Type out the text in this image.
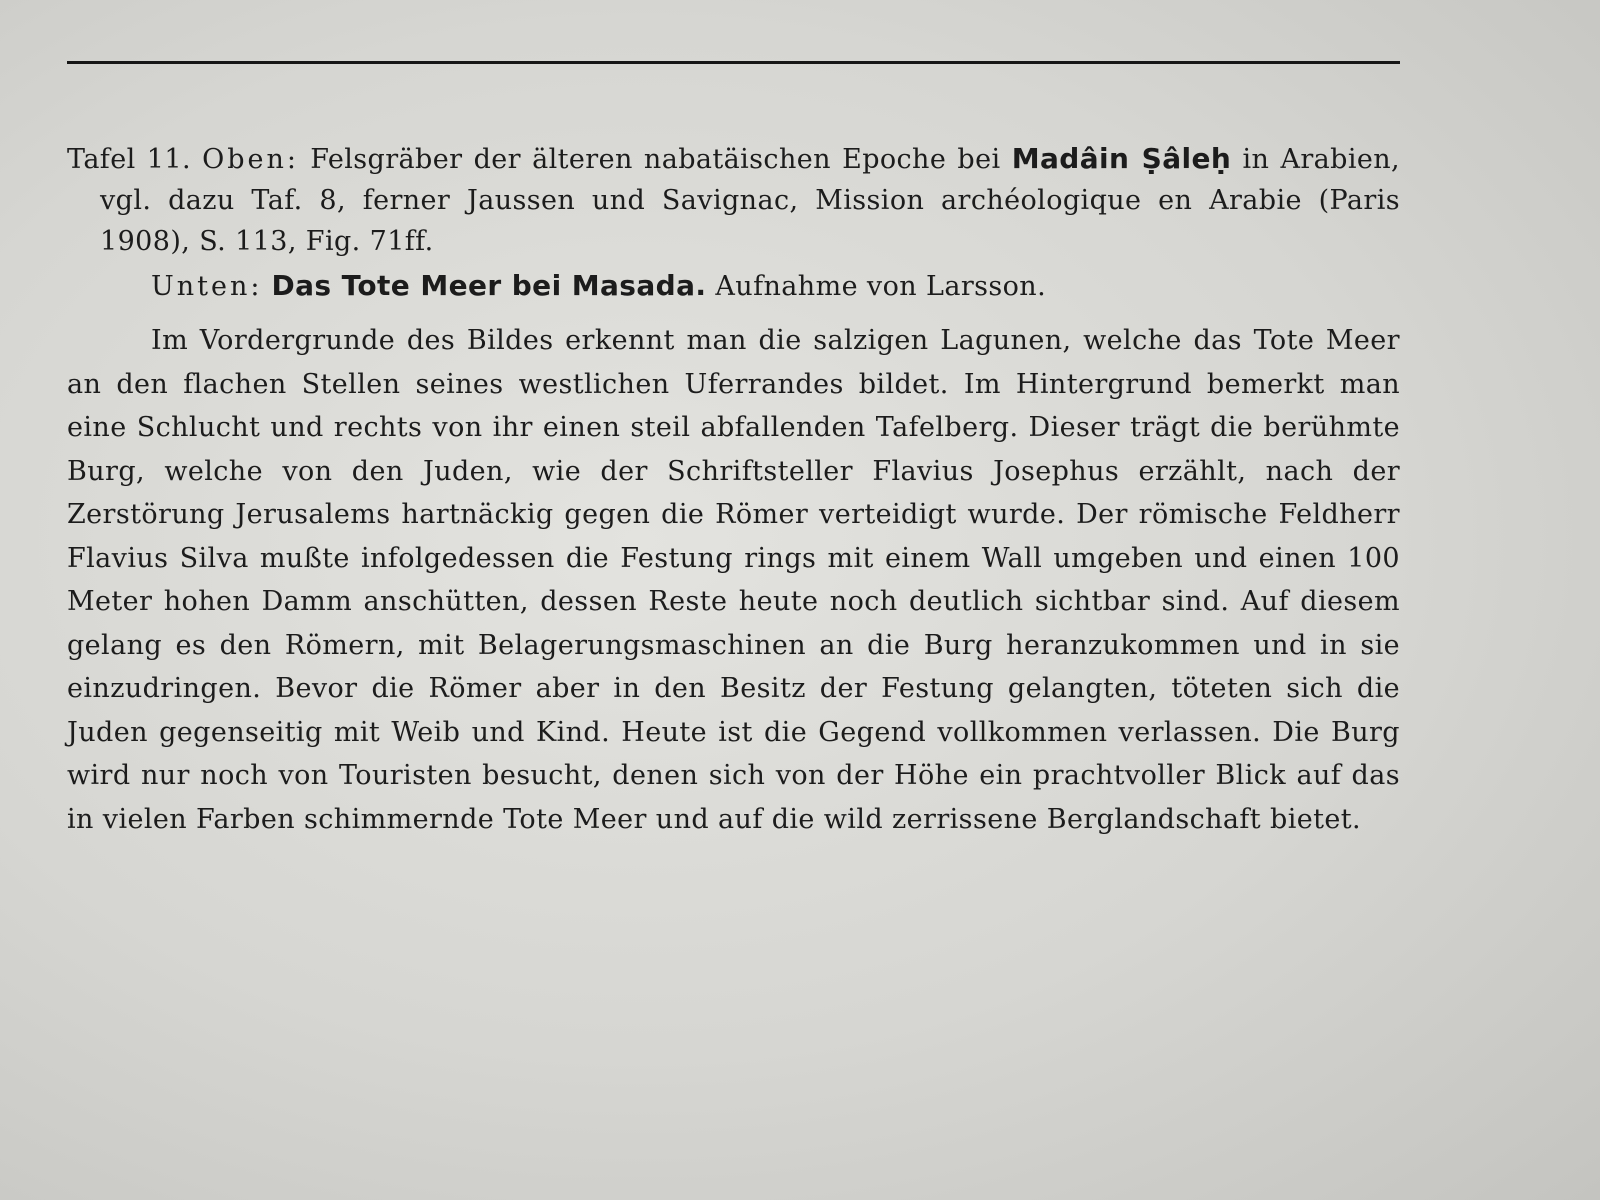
Tafel 11. Oben: Felsgräber der älteren nabatäischen Epoche bei Madâin Ṣâleḥ in Arabien, vgl. dazu Taf. 8, ferner Jaussen und Savignac, Mission archéologique en Arabie (Paris 1908), S. 113, Fig. 71ff.

Unten: Das Tote Meer bei Masada. Aufnahme von Larsson.

Im Vordergrunde des Bildes erkennt man die salzigen Lagunen, welche das Tote Meer an den flachen Stellen seines westlichen Uferrandes bildet. Im Hintergrund bemerkt man eine Schlucht und rechts von ihr einen steil abfallenden Tafelberg. Dieser trägt die berühmte Burg, welche von den Juden, wie der Schriftsteller Flavius Josephus erzählt, nach der Zerstörung Jerusalems hartnäckig gegen die Römer verteidigt wurde. Der römische Feldherr Flavius Silva mußte infolgedessen die Festung rings mit einem Wall umgeben und einen 100 Meter hohen Damm anschütten, dessen Reste heute noch deutlich sichtbar sind. Auf diesem gelang es den Römern, mit Belagerungsmaschinen an die Burg heranzukommen und in sie einzudringen. Bevor die Römer aber in den Besitz der Festung gelangten, töteten sich die Juden gegenseitig mit Weib und Kind. Heute ist die Gegend vollkommen verlassen. Die Burg wird nur noch von Touristen besucht, denen sich von der Höhe ein prachtvoller Blick auf das in vielen Farben schimmernde Tote Meer und auf die wild zerrissene Berglandschaft bietet.
